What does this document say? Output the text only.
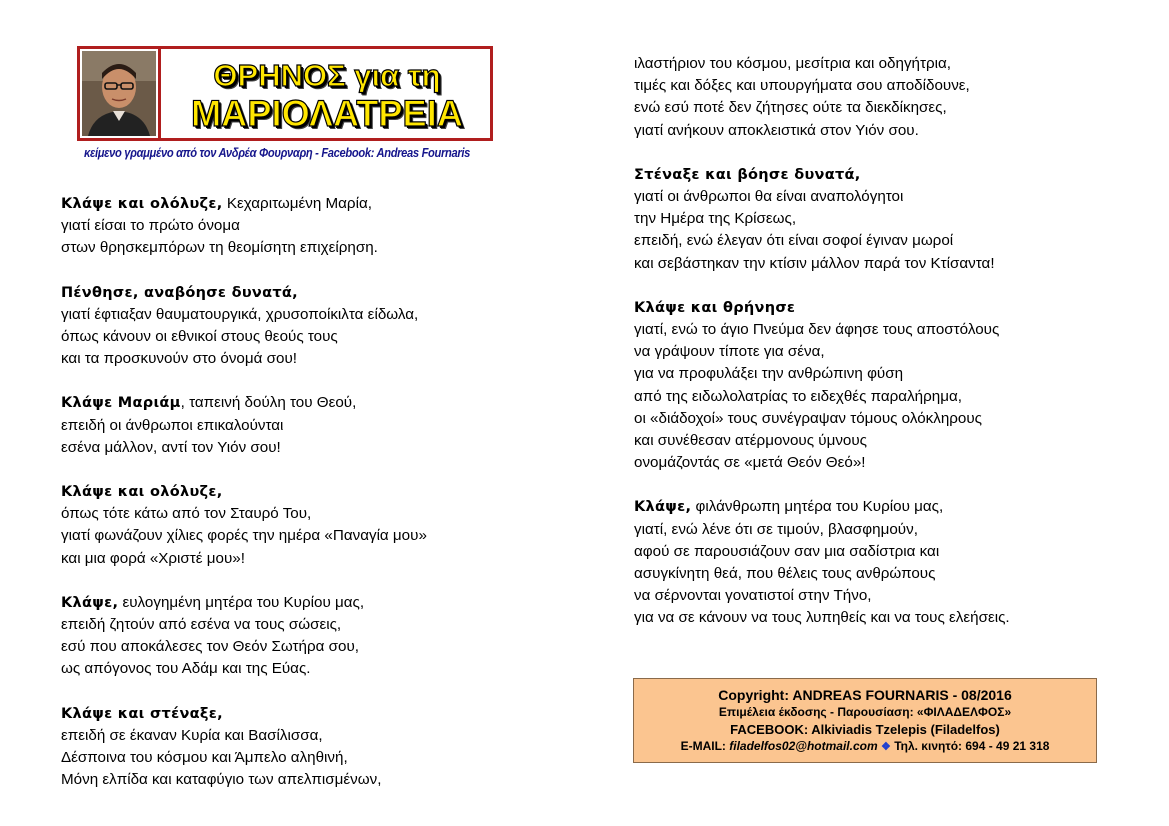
ΘΡΗΝΟΣ για τη
ΜΑΡΙΟΛΑΤΡΕΙΑ
κείμενο γραμμένο από τον Ανδρέα Φουρναρη - Facebook: Andreas Fournaris
Κλάψε και ολόλυζε, Κεχαριτωμένη Μαρία,
γιατί είσαι το πρώτο όνομα
στων θρησκεμπόρων τη θεομίσητη επιχείρηση.
Πένθησε, αναβόησε δυνατά,
γιατί έφτιαξαν θαυματουργικά, χρυσοποίκιλτα είδωλα,
όπως κάνουν οι εθνικοί στους θεούς τους
και τα προσκυνούν στο όνομά σου!
Κλάψε Μαριάμ, ταπεινή δούλη του Θεού,
επειδή οι άνθρωποι επικαλούνται
εσένα μάλλον, αντί τον Υιόν σου!
Κλάψε και ολόλυζε,
όπως τότε κάτω από τον Σταυρό Του,
γιατί φωνάζουν χίλιες φορές την ημέρα «Παναγία μου»
και μια φορά «Χριστέ μου»!
Κλάψε, ευλογημένη μητέρα του Κυρίου μας,
επειδή ζητούν από εσένα να τους σώσεις,
εσύ που αποκάλεσες τον Θεόν Σωτήρα σου,
ως απόγονος του Αδάμ και της Εύας.
Κλάψε και στέναξε,
επειδή σε έκαναν Κυρία και Βασίλισσα,
Δέσποινα του κόσμου και Άμπελο αληθινή,
Μόνη ελπίδα και καταφύγιο των απελπισμένων,
ιλαστήριον του κόσμου, μεσίτρια και οδηγήτρια,
τιμές και δόξες και υπουργήματα σου αποδίδουνε,
ενώ εσύ ποτέ δεν ζήτησες ούτε τα διεκδίκησες,
γιατί ανήκουν αποκλειστικά στον Υιόν σου.
Στέναξε και βόησε δυνατά,
γιατί οι άνθρωποι θα είναι αναπολόγητοι
την Ημέρα της Κρίσεως,
επειδή, ενώ έλεγαν ότι είναι σοφοί έγιναν μωροί
και σεβάστηκαν την κτίσιν μάλλον παρά τον Κτίσαντα!
Κλάψε και θρήνησε
γιατί, ενώ το άγιο Πνεύμα δεν άφησε τους αποστόλους
να γράψουν τίποτε για σένα,
για να προφυλάξει την ανθρώπινη φύση
από της ειδωλολατρίας το ειδεχθές παραλήρημα,
οι «διάδοχοί» τους συνέγραψαν τόμους ολόκληρους
και συνέθεσαν ατέρμονους ύμνους
ονομάζοντάς σε «μετά Θεόν Θεό»!
Κλάψε, φιλάνθρωπη μητέρα του Κυρίου μας,
γιατί, ενώ λένε ότι σε τιμούν, βλασφημούν,
αφού σε παρουσιάζουν σαν μια σαδίστρια και
ασυγκίνητη θεά, που θέλεις τους ανθρώπους
να σέρνονται γονατιστοί στην Τήνο,
για να σε κάνουν να τους λυπηθείς και να τους ελεήσεις.
Copyright: ANDREAS FOURNARIS - 08/2016
Επιμέλεια έκδοσης - Παρουσίαση: «ΦΙΛΑΔΕΛΦΟΣ»
FACEBOOK: Alkiviadis Tzelepis (Filadelfos)
E-MAIL: filadelfos02@hotmail.com ❖ Τηλ. κινητό: 694 - 49 21 318
